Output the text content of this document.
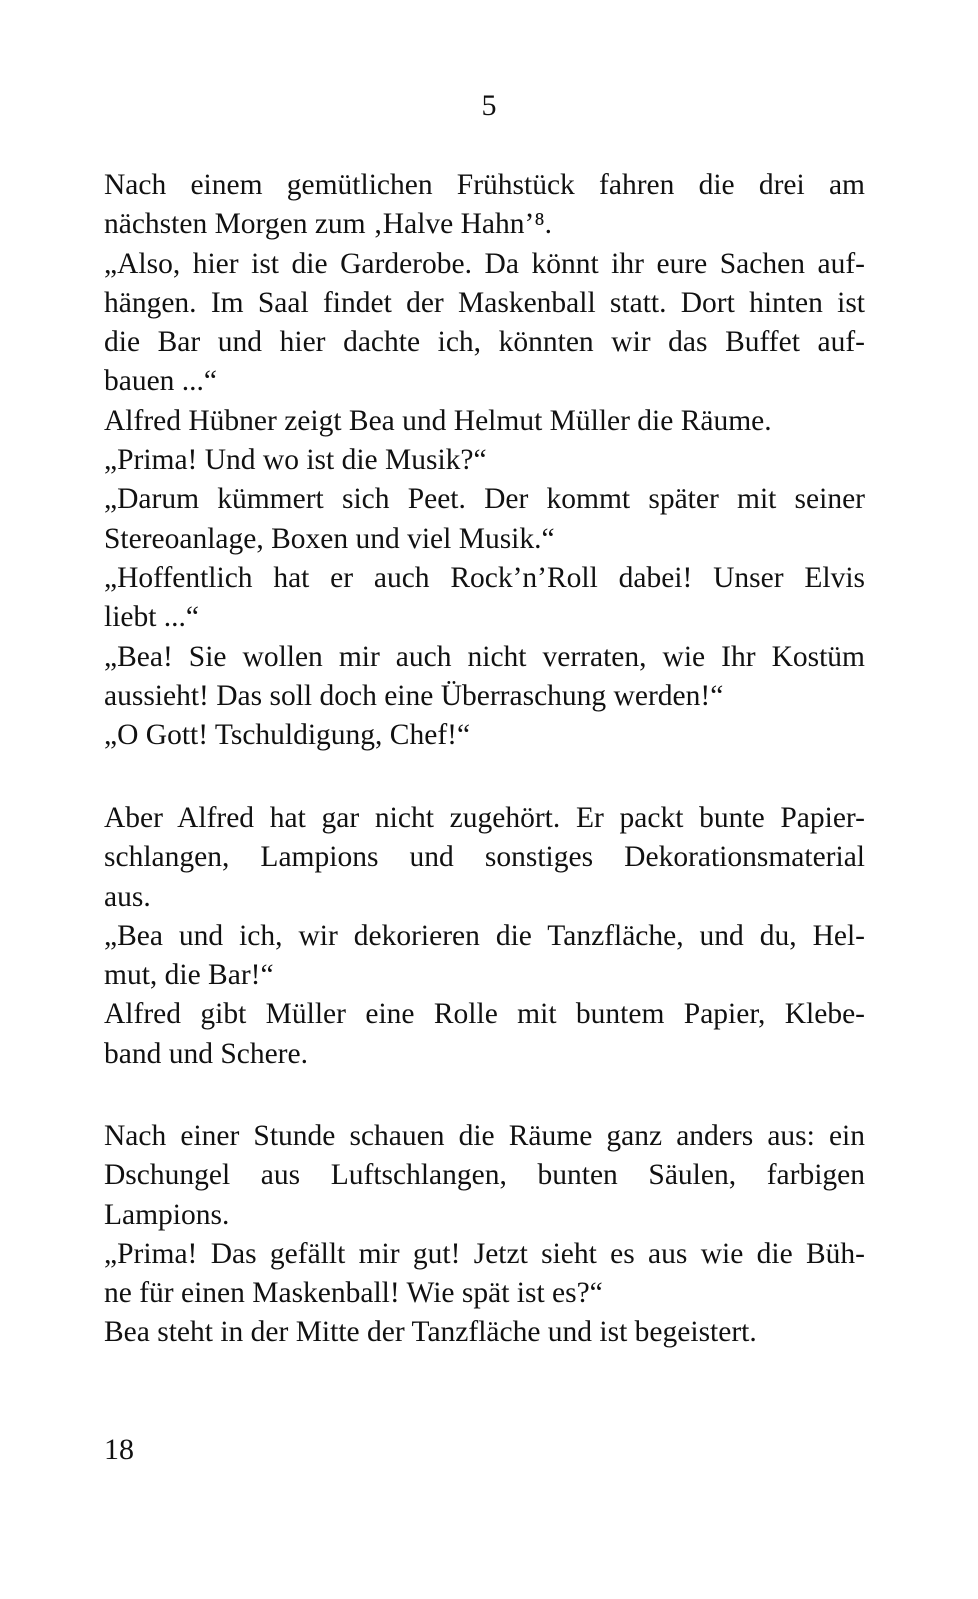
5
Nach einem gemütlichen Frühstück fahren die drei am
nächsten Morgen zum ‚Halve Hahn’⁸.
„Also, hier ist die Garderobe. Da könnt ihr eure Sachen auf-
hängen. Im Saal findet der Maskenball statt. Dort hinten ist
die Bar und hier dachte ich, könnten wir das Buffet auf-
bauen ...“
Alfred Hübner zeigt Bea und Helmut Müller die Räume.
„Prima! Und wo ist die Musik?“
„Darum kümmert sich Peet. Der kommt später mit seiner
Stereoanlage, Boxen und viel Musik.“
„Hoffentlich hat er auch Rock’n’Roll dabei! Unser Elvis
liebt ...“
„Bea! Sie wollen mir auch nicht verraten, wie Ihr Kostüm
aussieht! Das soll doch eine Überraschung werden!“
„O Gott! Tschuldigung, Chef!“
Aber Alfred hat gar nicht zugehört. Er packt bunte Papier-
schlangen, Lampions und sonstiges Dekorationsmaterial
aus.
„Bea und ich, wir dekorieren die Tanzfläche, und du, Hel-
mut, die Bar!“
Alfred gibt Müller eine Rolle mit buntem Papier, Klebe-
band und Schere.
Nach einer Stunde schauen die Räume ganz anders aus: ein
Dschungel aus Luftschlangen, bunten Säulen, farbigen
Lampions.
„Prima! Das gefällt mir gut! Jetzt sieht es aus wie die Büh-
ne für einen Maskenball! Wie spät ist es?“
Bea steht in der Mitte der Tanzfläche und ist begeistert.
18
